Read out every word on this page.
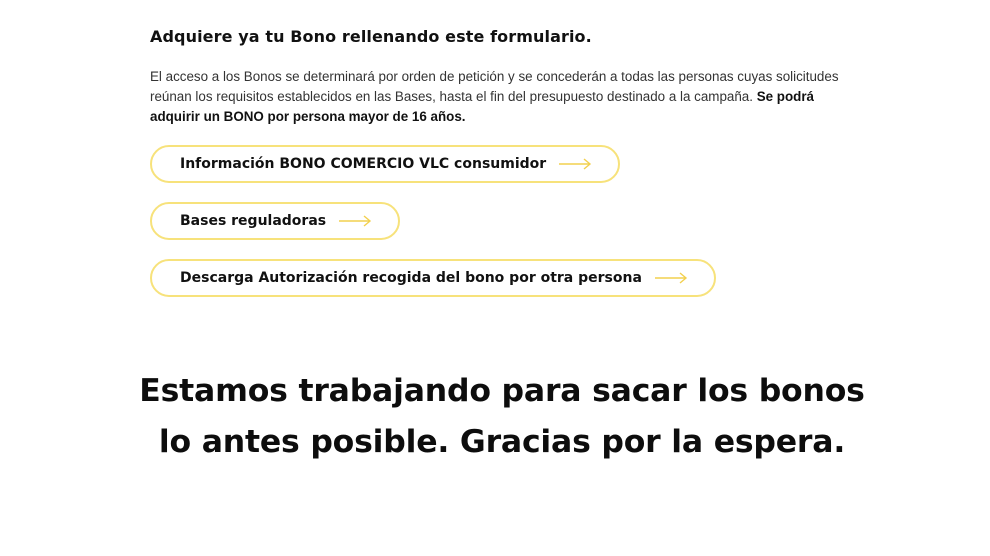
Adquiere ya tu Bono rellenando este formulario.

El acceso a los Bonos se determinará por orden de petición y se concederán a todas las personas cuyas solicitudes reúnan los requisitos establecidos en las Bases, hasta el fin del presupuesto destinado a la campaña. Se podrá adquirir un BONO por persona mayor de 16 años.

Información BONO COMERCIO VLC consumidor
Bases reguladoras
Descarga Autorización recogida del bono por otra persona
Estamos trabajando para sacar los bonos
lo antes posible. Gracias por la espera.
